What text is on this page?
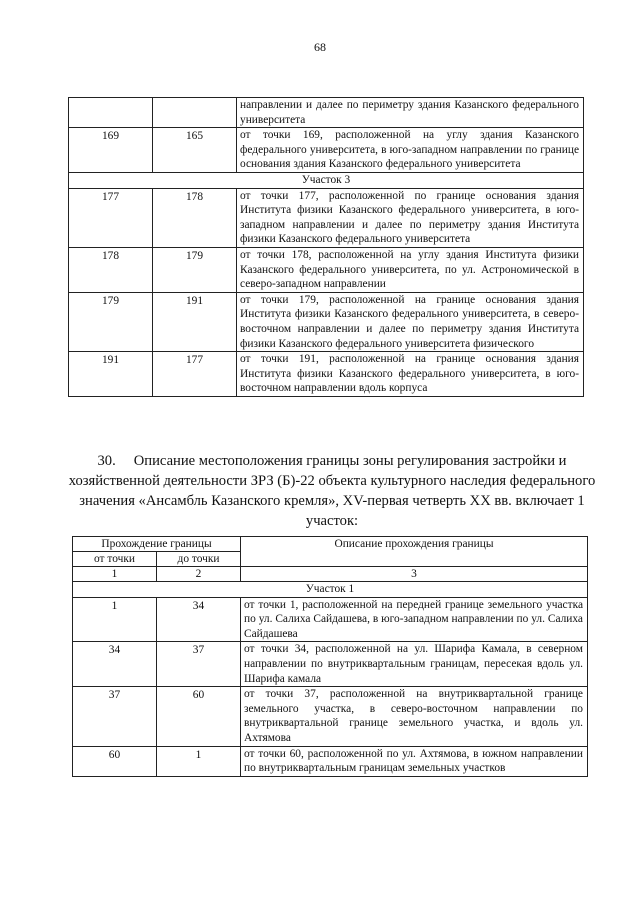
68
		направлении и далее по периметру здания Казанского федерального университета
169	165	от точки 169, расположенной на углу здания Казанского федерального университета, в юго-западном направлении по границе основания здания Казанского федерального университета
Участок 3		
177	178	от точки 177, расположенной по границе основания здания Института физики Казанского федерального университета, в юго-западном направлении и далее по периметру здания Института физики Казанского федерального университета
178	179	от точки 178, расположенной на углу здания Института физики Казанского федерального университета, по ул. Астрономической в северо-западном направлении
179	191	от точки 179, расположенной на границе основания здания Института физики Казанского федерального университета, в северо-восточном направлении и далее по периметру здания Института физики Казанского федерального университета физического
191	177	от точки 191, расположенной на границе основания здания Института физики Казанского федерального университета, в юго-восточном направлении вдоль корпуса
30. Описание местоположения границы зоны регулирования застройки и хозяйственной деятельности ЗРЗ (Б)-22 объекта культурного наследия федерального значения «Ансамбль Казанского кремля», XV-первая четверть XX вв. включает 1 участок:
Прохождение границы		Описание прохождения границы
от точки	до точки	
1	2	3
Участок 1		
1	34	от точки 1, расположенной на передней границе земельного участка по ул. Салиха Сайдашева, в юго-западном направлении по ул. Салиха Сайдашева
34	37	от точки 34, расположенной на ул. Шарифа Камала, в северном направлении по внутриквартальным границам, пересекая вдоль ул. Шарифа камала
37	60	от точки 37, расположенной на внутриквартальной границе земельного участка, в северо-восточном направлении по внутриквартальной границе земельного участка, и вдоль ул. Ахтямова
60	1	от точки 60, расположенной по ул. Ахтямова, в южном направлении по внутриквартальным границам земельных участков
